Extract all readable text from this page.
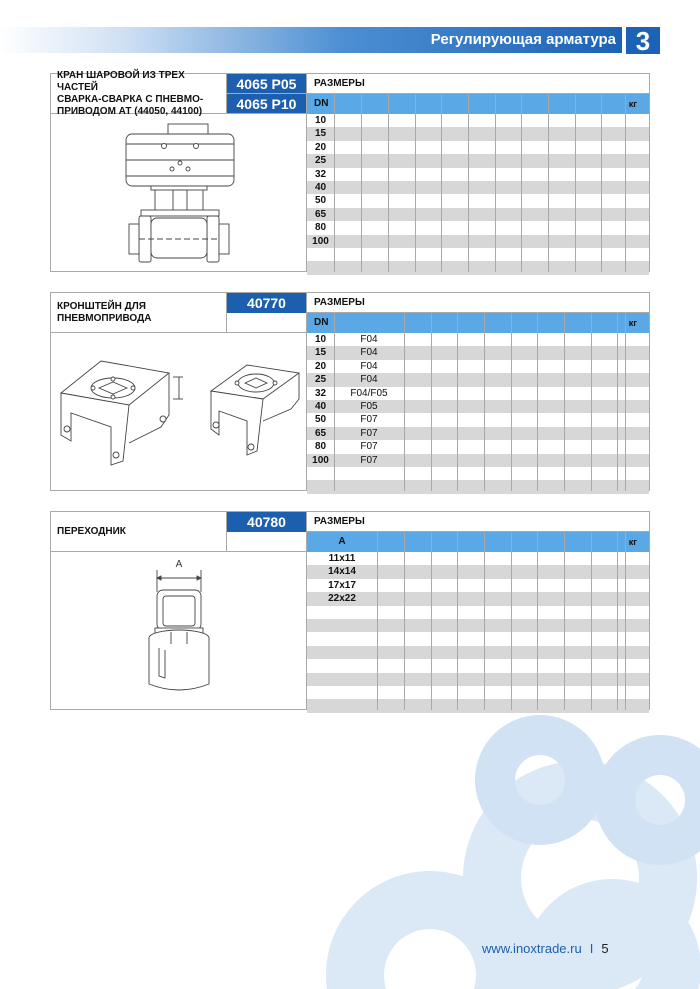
Регулирующая арматура 3
КРАН ШАРОВОЙ ИЗ ТРЕХ ЧАСТЕЙ
СВАРКА-СВАРКА С ПНЕВМО-
ПРИВОДОМ АТ (44050, 44100)
4065 P05
4065 P10
РАЗМЕРЫ
DN	кг
10
15
20
25
32
40
50
65
80
100
КРОНШТЕЙН ДЛЯ ПНЕВМОПРИВОДА
40770	РАЗМЕРЫ
DN	кг
10	F04
15	F04
20	F04
25	F04
32	F04/F05
40	F05
50	F07
65	F07
80	F07
100	F07
ПЕРЕХОДНИК
40780	РАЗМЕРЫ
A
A	кг
11x11
14x14
17x17
22x22
www.inoxtrade.ru I 5
